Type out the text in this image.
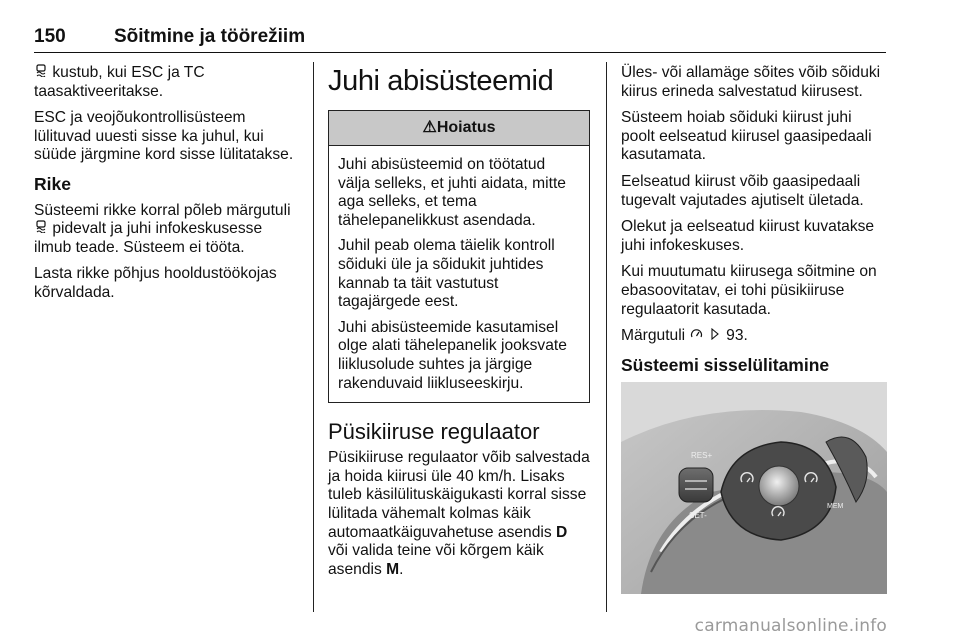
150	Sõitmine ja töörežiim

kustub, kui ESC ja TC taasaktiveeritakse.

ESC ja veojõukontrollisüsteem lülituvad uuesti sisse ka juhul, kui süüde järgmine kord sisse lülitatakse.

Rike

Süsteemi rikke korral põleb märgutuli
pidevalt ja juhi infokeskusesse ilmub teade. Süsteem ei tööta.

Lasta rikke põhjus hooldustöökojas kõrvaldada.

Juhi abisüsteemid
⚠Hoiatus

Juhi abisüsteemid on töötatud välja selleks, et juhti aidata, mitte aga selleks, et tema tähelepanelikkust asendada.

Juhil peab olema täielik kontroll sõiduki üle ja sõidukit juhtides kannab ta täit vastutust tagajärgede eest.

Juhi abisüsteemide kasutamisel olge alati tähelepanelik jooksvate liiklusolude suhtes ja järgige rakenduvaid liikluseeskirju.

Püsikiiruse regulaator

Püsikiiruse regulaator võib salvestada ja hoida kiirusi üle 40 km/h. Lisaks tuleb käsilülituskäigukasti korral sisse lülitada vähemalt kolmas käik automaatkäiguvahetuse asendis D või valida teine või kõrgem käik asendis M.

Üles- või allamäge sõites võib sõiduki kiirus erineda salvestatud kiirusest.

Süsteem hoiab sõiduki kiirust juhi poolt eelseatud kiirusel gaasipedaali kasutamata.

Eelseatud kiirust võib gaasipedaali tugevalt vajutades ajutiselt ületada.

Olekut ja eelseatud kiirust kuvatakse juhi infokeskuses.

Kui muutumatu kiirusega sõitmine on ebasoovitatav, ei tohi püsikiiruse regulaatorit kasutada.

Märgutuli	93.

Süsteemi sisselülitamine
RES+
SET-
MEM
carmanualsonline.info
